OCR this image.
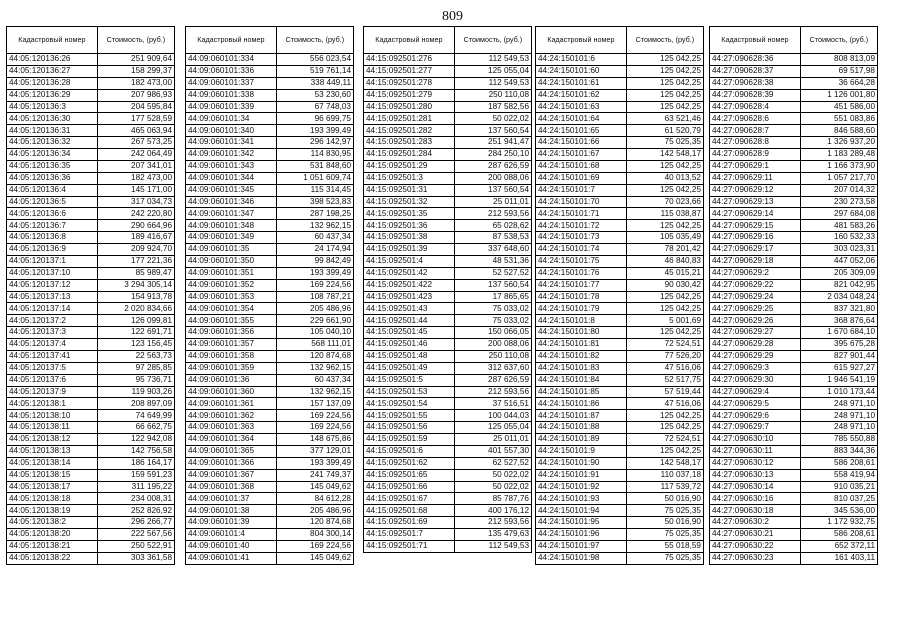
809
Кадастровый номер	Стоимость, (руб.)
44:05:120136:26	251 909,64
44:05:120136:27	158 299,37
44:05:120136:28	182 473,00
44:05:120136:29	207 986,93
44:05:120136:3	204 595,84
44:05:120136:30	177 528,59
44:05:120136:31	465 063,94
44:05:120136:32	267 573,25
44:05:120136:34	242 064,49
44:05:120136:35	207 341,01
44:05:120136:36	182 473,00
44:05:120136:4	145 171,00
44:05:120136:5	317 034,73
44:05:120136:6	242 220,80
44:05:120136:7	290 664,96
44:05:120136:8	189 416,67
44:05:120136:9	209 924,70
44:05:120137:1	177 221,36
44:05:120137:10	85 989,47
44:05:120137:12	3 294 305,14
44:05:120137:13	154 913,78
44:05:120137:14	2 020 834,66
44:05:120137:2	126 099,81
44:05:120137:3	122 691,71
44:05:120137:4	123 156,45
44:05:120137:41	22 563,73
44:05:120137:5	97 285,85
44:05:120137:6	95 736,71
44:05:120137:9	119 903,26
44:05:120138:1	208 897,09
44:05:120138:10	74 649,99
44:05:120138:11	66 662,75
44:05:120138:12	122 942,08
44:05:120138:13	142 756,58
44:05:120138:14	186 164,17
44:05:120138:15	159 591,23
44:05:120138:17	311 195,22
44:05:120138:18	234 008,31
44:05:120138:19	252 826,92
44:05:120138:2	296 266,77
44:05:120138:20	222 567,56
44:05:120138:21	250 522,91
44:05:120138:22	303 361,58
Кадастровый номер	Стоимость, (руб.)
44:09:060101:334	556 023,54
44:09:060101:336	519 761,14
44:09:060101:337	338 449,11
44:09:060101:338	53 230,60
44:09:060101:339	67 748,03
44:09:060101:34	96 699,75
44:09:060101:340	193 399,49
44:09:060101:341	296 142,97
44:09:060101:342	114 830,95
44:09:060101:343	531 848,60
44:09:060101:344	1 051 609,74
44:09:060101:345	115 314,45
44:09:060101:346	398 523,83
44:09:060101:347	287 198,25
44:09:060101:348	132 962,15
44:09:060101:349	60 437,34
44:09:060101:35	24 174,94
44:09:060101:350	99 842,49
44:09:060101:351	193 399,49
44:09:060101:352	169 224,56
44:09:060101:353	108 787,21
44:09:060101:354	205 486,96
44:09:060101:355	229 661,90
44:09:060101:356	105 040,10
44:09:060101:357	568 111,01
44:09:060101:358	120 874,68
44:09:060101:359	132 962,15
44:09:060101:36	60 437,34
44:09:060101:360	132 962,15
44:09:060101:361	157 137,09
44:09:060101:362	169 224,56
44:09:060101:363	169 224,56
44:09:060101:364	148 675,86
44:09:060101:365	377 129,01
44:09:060101:366	193 399,49
44:09:060101:367	241 749,37
44:09:060101:368	145 049,62
44:09:060101:37	84 612,28
44:09:060101:38	205 486,96
44:09:060101:39	120 874,68
44:09:060101:4	804 300,14
44:09:060101:40	169 224,56
44:09:060101:41	145 049,62
Кадастровый номер	Стоимость, (руб.)
44:15:092501:276	112 549,53
44:15:092501:277	125 055,04
44:15:092501:278	112 549,53
44:15:092501:279	250 110,08
44:15:092501:280	187 582,56
44:15:092501:281	50 022,02
44:15:092501:282	137 560,54
44:15:092501:283	251 941,47
44:15:092501:284	284 250,10
44:15:092501:29	287 626,59
44:15:092501:3	200 088,06
44:15:092501:31	137 560,54
44:15:092501:32	25 011,01
44:15:092501:35	212 593,56
44:15:092501:36	65 028,62
44:15:092501:38	87 538,53
44:15:092501:39	337 648,60
44:15:092501:4	48 531,36
44:15:092501:42	52 527,52
44:15:092501:422	137 560,54
44:15:092501:423	17 865,65
44:15:092501:43	75 033,02
44:15:092501:44	75 033,02
44:15:092501:45	150 066,05
44:15:092501:46	200 088,06
44:15:092501:48	250 110,08
44:15:092501:49	312 637,60
44:15:092501:5	287 626,59
44:15:092501:53	212 593,56
44:15:092501:54	37 516,51
44:15:092501:55	100 044,03
44:15:092501:56	125 055,04
44:15:092501:59	25 011,01
44:15:092501:6	401 557,30
44:15:092501:62	62 527,52
44:15:092501:65	50 022,02
44:15:092501:66	50 022,02
44:15:092501:67	85 787,76
44:15:092501:68	400 176,12
44:15:092501:69	212 593,56
44:15:092501:7	135 479,63
44:15:092501:71	112 549,53
Кадастровый номер	Стоимость, (руб.)
44:24:150101:6	125 042,25
44:24:150101:60	125 042,25
44:24:150101:61	125 042,25
44:24:150101:62	125 042,25
44:24:150101:63	125 042,25
44:24:150101:64	63 521,46
44:24:150101:65	61 520,79
44:24:150101:66	75 025,35
44:24:150101:67	142 548,17
44:24:150101:68	125 042,25
44:24:150101:69	40 013,52
44:24:150101:7	125 042,25
44:24:150101:70	70 023,66
44:24:150101:71	115 038,87
44:24:150101:72	125 042,25
44:24:150101:73	105 035,49
44:24:150101:74	78 201,42
44:24:150101:75	46 840,83
44:24:150101:76	45 015,21
44:24:150101:77	90 030,42
44:24:150101:78	125 042,25
44:24:150101:79	125 042,25
44:24:150101:8	5 001,69
44:24:150101:80	125 042,25
44:24:150101:81	72 524,51
44:24:150101:82	77 526,20
44:24:150101:83	47 516,06
44:24:150101:84	52 517,75
44:24:150101:85	57 519,44
44:24:150101:86	47 516,06
44:24:150101:87	125 042,25
44:24:150101:88	125 042,25
44:24:150101:89	72 524,51
44:24:150101:9	125 042,25
44:24:150101:90	142 548,17
44:24:150101:91	110 037,18
44:24:150101:92	117 539,72
44:24:150101:93	50 016,90
44:24:150101:94	75 025,35
44:24:150101:95	50 016,90
44:24:150101:96	75 025,35
44:24:150101:97	55 018,59
44:24:150101:98	75 025,35
Кадастровый номер	Стоимость, (руб.)
44:27:090628:36	808 813,09
44:27:090628:37	69 517,98
44:27:090628:38	36 664,28
44:27:090628:39	1 126 001,80
44:27:090628:4	451 586,00
44:27:090628:6	551 083,86
44:27:090628:7	846 588,60
44:27:090628:8	1 326 937,20
44:27:090628:9	1 183 289,48
44:27:090629:1	1 166 373,90
44:27:090629:11	1 057 217,70
44:27:090629:12	207 014,32
44:27:090629:13	230 273,58
44:27:090629:14	297 684,08
44:27:090629:15	481 583,26
44:27:090629:16	160 532,33
44:27:090629:17	303 023,31
44:27:090629:18	447 052,06
44:27:090629:2	205 309,09
44:27:090629:22	821 042,95
44:27:090629:24	2 034 048,24
44:27:090629:25	837 321,80
44:27:090629:26	368 876,64
44:27:090629:27	1 670 684,10
44:27:090629:28	395 675,28
44:27:090629:29	827 901,44
44:27:090629:3	615 927,27
44:27:090629:30	1 946 541,19
44:27:090629:4	1 010 173,44
44:27:090629:5	248 971,10
44:27:090629:6	248 971,10
44:27:090629:7	248 971,10
44:27:090630:10	785 550,88
44:27:090630:11	883 344,36
44:27:090630:12	586 208,61
44:27:090630:13	558 419,94
44:27:090630:14	910 035,21
44:27:090630:16	810 037,25
44:27:090630:18	345 536,00
44:27:090630:2	1 172 932,75
44:27:090630:21	586 208,61
44:27:090630:22	652 372,11
44:27:090630:23	161 403,11
